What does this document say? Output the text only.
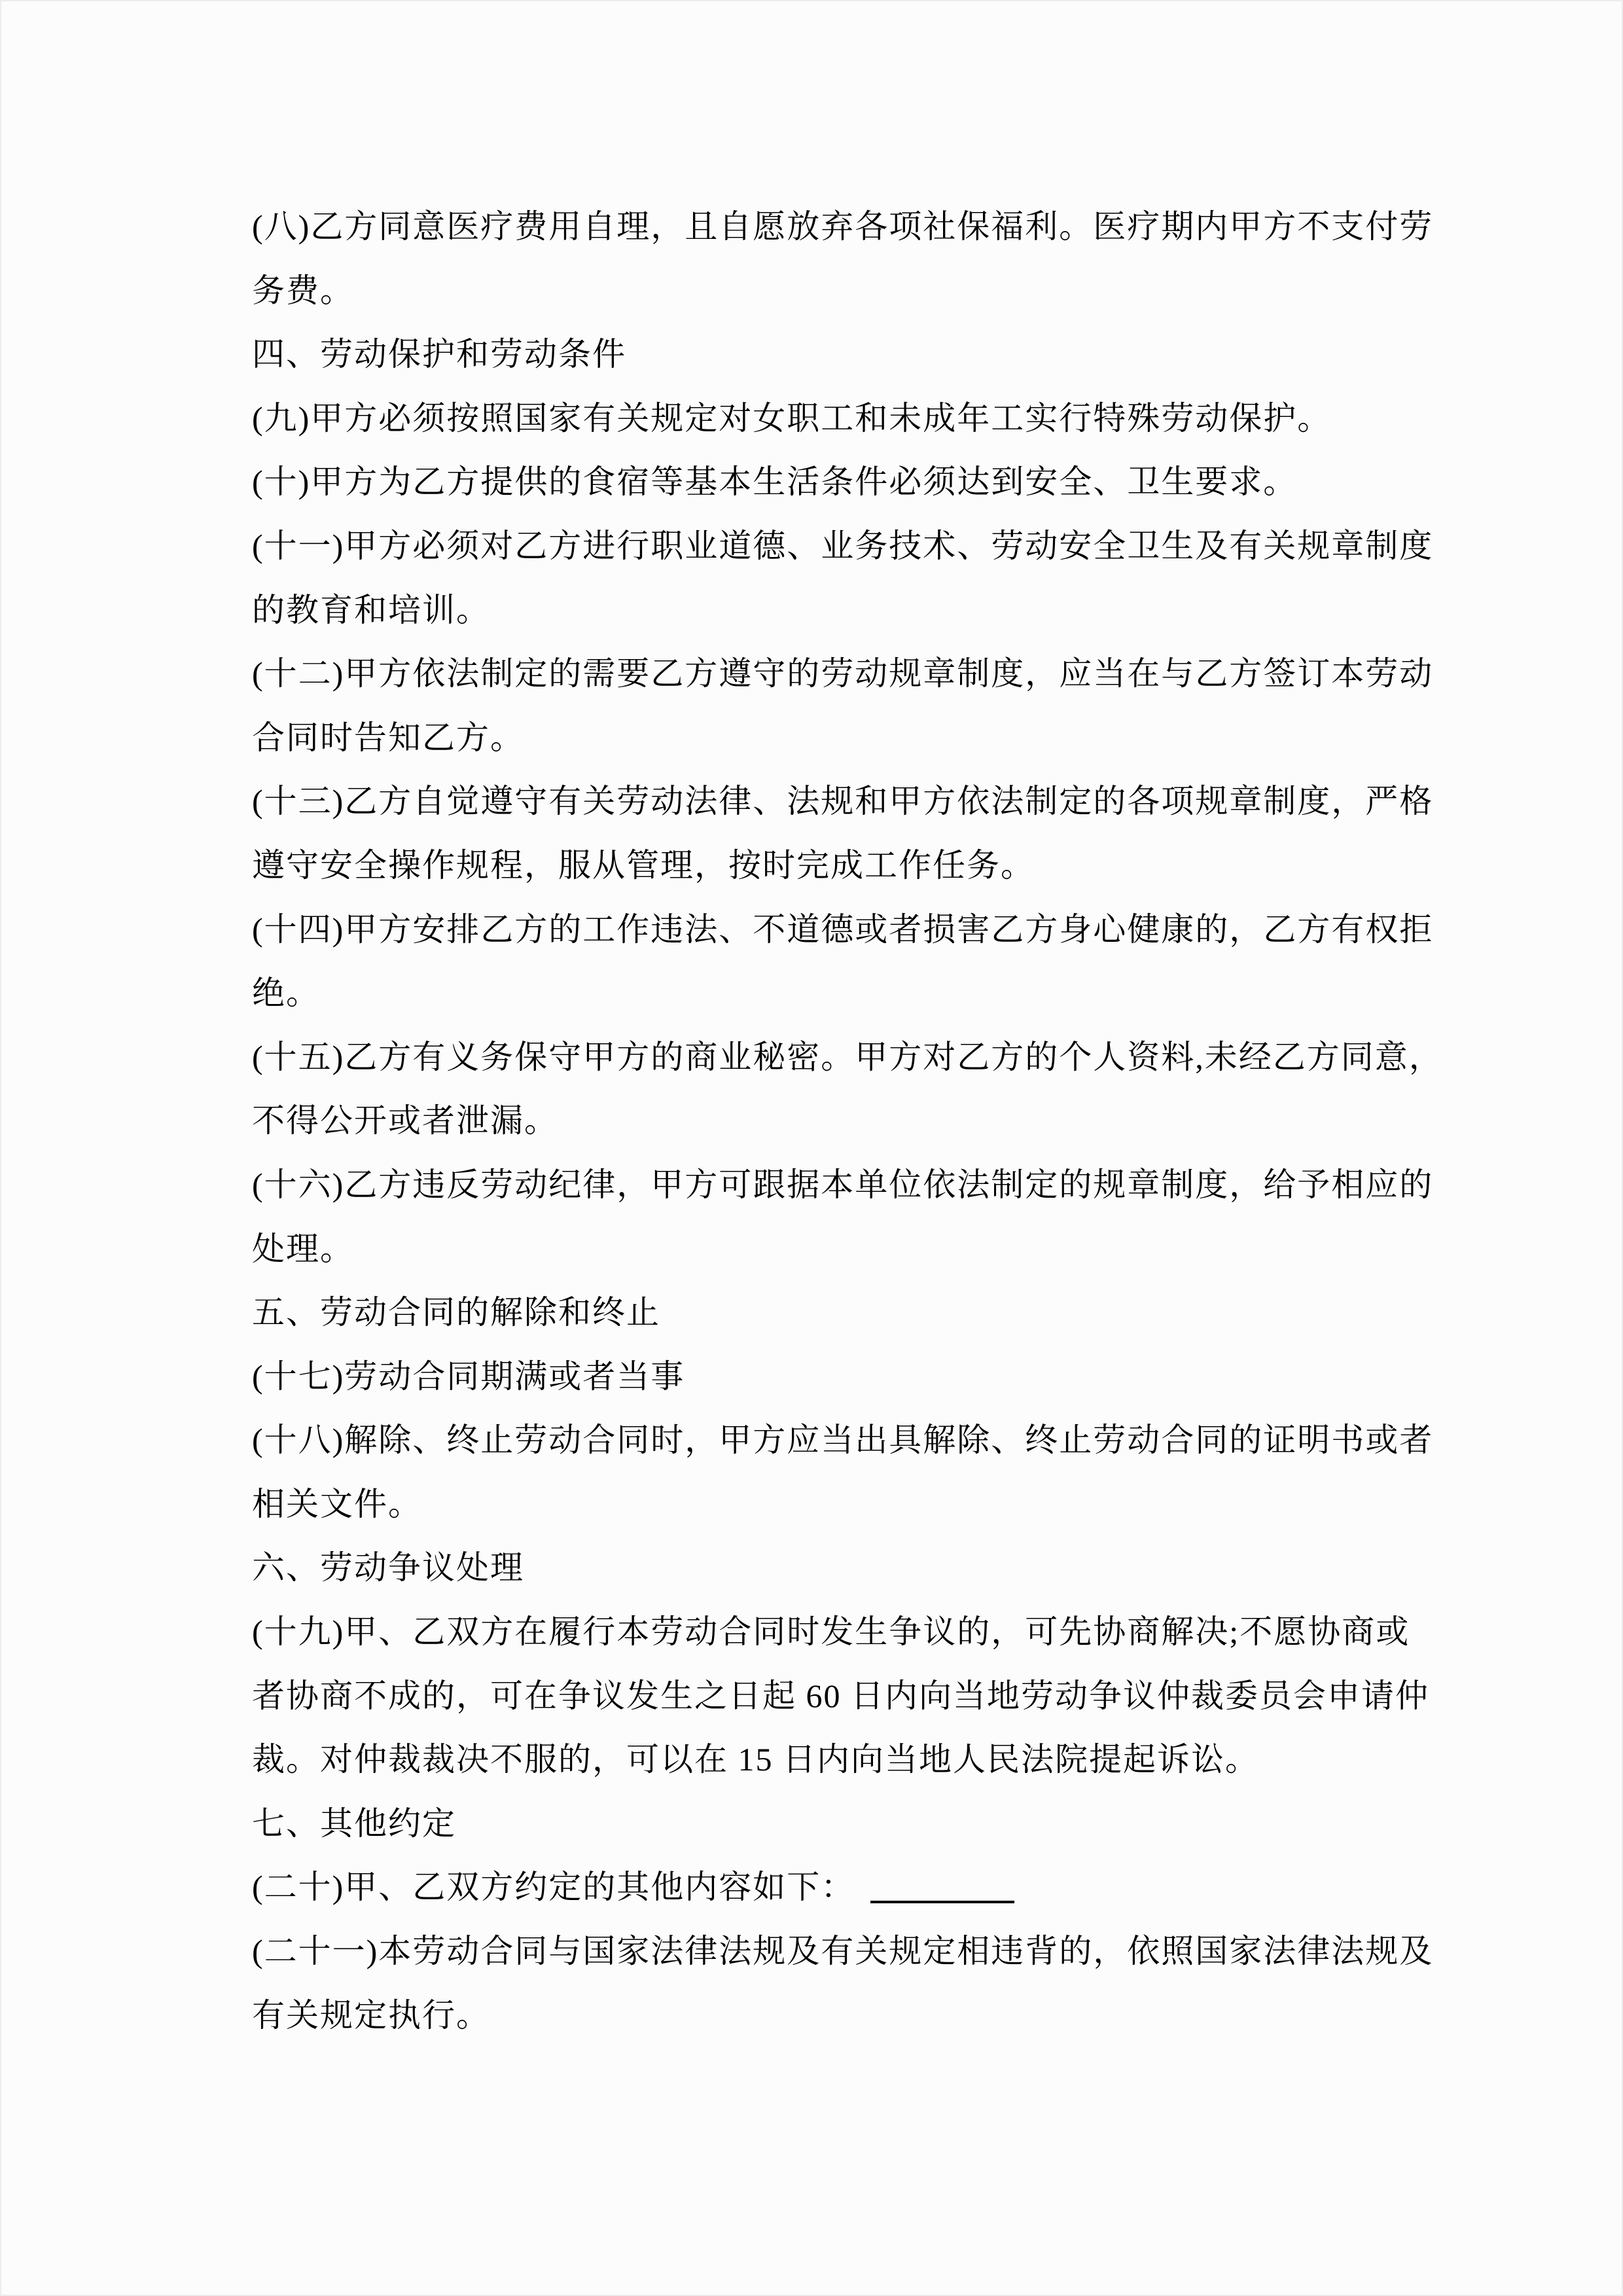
(八)乙方同意医疗费用自理，且自愿放弃各项社保福利。医疗期内甲方不支付劳
务费。
四、劳动保护和劳动条件
(九)甲方必须按照国家有关规定对女职工和未成年工实行特殊劳动保护。
(十)甲方为乙方提供的食宿等基本生活条件必须达到安全、卫生要求。
(十一)甲方必须对乙方进行职业道德、业务技术、劳动安全卫生及有关规章制度
的教育和培训。
(十二)甲方依法制定的需要乙方遵守的劳动规章制度，应当在与乙方签订本劳动
合同时告知乙方。
(十三)乙方自觉遵守有关劳动法律、法规和甲方依法制定的各项规章制度，严格
遵守安全操作规程，服从管理，按时完成工作任务。
(十四)甲方安排乙方的工作违法、不道德或者损害乙方身心健康的，乙方有权拒
绝。
(十五)乙方有义务保守甲方的商业秘密。甲方对乙方的个人资料,未经乙方同意，
不得公开或者泄漏。
(十六)乙方违反劳动纪律，甲方可跟据本单位依法制定的规章制度，给予相应的
处理。
五、劳动合同的解除和终止
(十七)劳动合同期满或者当事
(十八)解除、终止劳动合同时，甲方应当出具解除、终止劳动合同的证明书或者
相关文件。
六、劳动争议处理
(十九)甲、乙双方在履行本劳动合同时发生争议的，可先协商解决;不愿协商或
者协商不成的，可在争议发生之日起 60 日内向当地劳动争议仲裁委员会申请仲
裁。对仲裁裁决不服的，可以在 15 日内向当地人民法院提起诉讼。
七、其他约定
(二十)甲、乙双方约定的其他内容如下：
(二十一)本劳动合同与国家法律法规及有关规定相违背的，依照国家法律法规及
有关规定执行。
